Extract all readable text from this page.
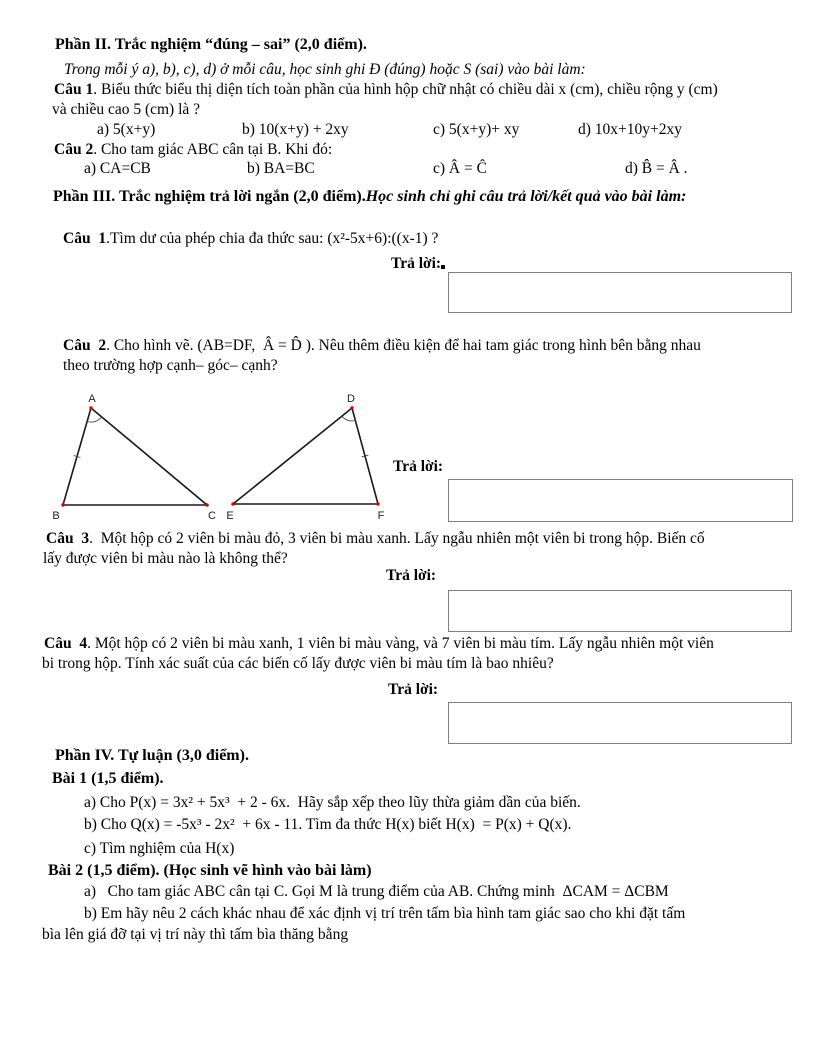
Phần II. Trắc nghiệm “đúng – sai” (2,0 điểm).
Trong mỗi ý a), b), c), d) ở mỗi câu, học sinh ghi Đ (đúng) hoặc S (sai) vào bài làm:
Câu 1. Biểu thức biểu thị diện tích toàn phần của hình hộp chữ nhật có chiều dài x (cm), chiều rộng y (cm)
và chiều cao 5 (cm) là ?
a) 5(x+y)	b) 10(x+y) + 2xy	c) 5(x+y)+ xy	d) 10x+10y+2xy
Câu 2. Cho tam giác ABC cân tại B. Khi đó:
a) CA=CB	b) BA=BC	c) Â = Ĉ	d) B̂ = Â .
Phần III. Trắc nghiệm trả lời ngắn (2,0 điểm).Học sinh chỉ ghi câu trả lời/kết quả vào bài làm:
Câu  1.Tìm dư của phép chia đa thức sau: (x²-5x+6):((x-1) ?
Trả lời:
Câu  2. Cho hình vẽ. (AB=DF,  Â = D̂ ). Nêu thêm điều kiện để hai tam giác trong hình bên bằng nhau
theo trường hợp cạnh– góc– cạnh?
A
B	C
D
E	F
Trả lời:
Câu  3.  Một hộp có 2 viên bi màu đỏ, 3 viên bi màu xanh. Lấy ngẫu nhiên một viên bi trong hộp. Biến cố
lấy được viên bi màu nào là không thể?
Trả lời:
Câu  4. Một hộp có 2 viên bi màu xanh, 1 viên bi màu vàng, và 7 viên bi màu tím. Lấy ngẫu nhiên một viên
bi trong hộp. Tính xác suất của các biến cố lấy được viên bi màu tím là bao nhiêu?
Trả lời:
Phần IV. Tự luận (3,0 điểm).
Bài 1 (1,5 điểm).
a) Cho P(x) = 3x² + 5x³  + 2 - 6x.  Hãy sắp xếp theo lũy thừa giảm dần của biến.
b) Cho Q(x) = -5x³ - 2x²  + 6x - 11. Tìm đa thức H(x) biết H(x)  = P(x) + Q(x).
c) Tìm nghiệm của H(x)
Bài 2 (1,5 điểm). (Học sinh vẽ hình vào bài làm)
a)   Cho tam giác ABC cân tại C. Gọi M là trung điểm của AB. Chứng minh  ΔCAM = ΔCBM
b) Em hãy nêu 2 cách khác nhau để xác định vị trí trên tấm bìa hình tam giác sao cho khi đặt tấm
bìa lên giá đỡ tại vị trí này thì tấm bìa thăng bằng
